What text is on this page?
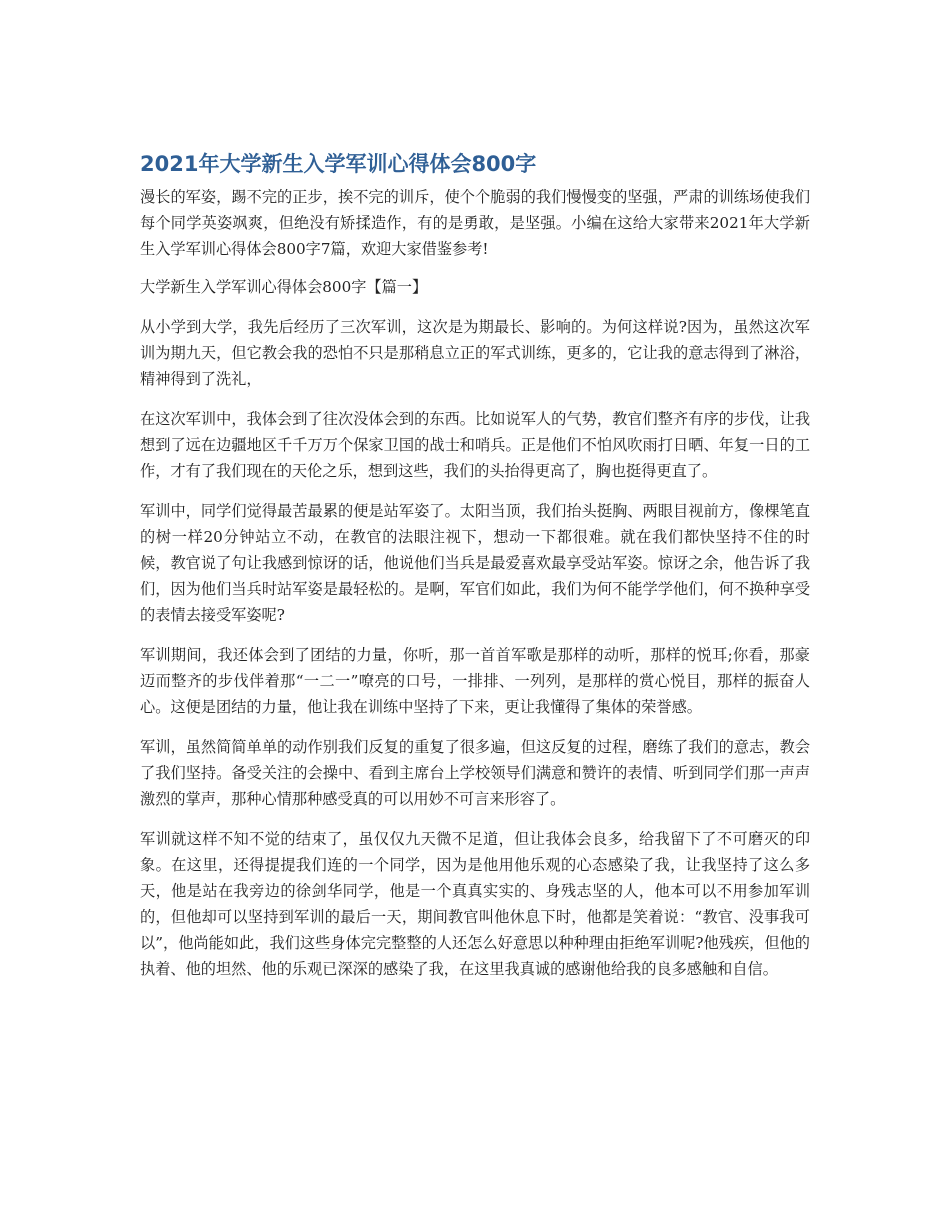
2021年大学新生入学军训心得体会800字

漫长的军姿，踢不完的正步，挨不完的训斥，使个个脆弱的我们慢慢变的坚强，严肃的训练场使我们每个同学英姿飒爽，但绝没有矫揉造作，有的是勇敢，是坚强。小编在这给大家带来2021年大学新生入学军训心得体会800字7篇，欢迎大家借鉴参考!

大学新生入学军训心得体会800字【篇一】

从小学到大学，我先后经历了三次军训，这次是为期最长、影响的。为何这样说?因为，虽然这次军训为期九天，但它教会我的恐怕不只是那稍息立正的军式训练，更多的，它让我的意志得到了淋浴，精神得到了洗礼，

在这次军训中，我体会到了往次没体会到的东西。比如说军人的气势，教官们整齐有序的步伐，让我想到了远在边疆地区千千万万个保家卫国的战士和哨兵。正是他们不怕风吹雨打日晒、年复一日的工作，才有了我们现在的天伦之乐，想到这些，我们的头抬得更高了，胸也挺得更直了。

军训中，同学们觉得最苦最累的便是站军姿了。太阳当顶，我们抬头挺胸、两眼目视前方，像棵笔直的树一样20分钟站立不动，在教官的法眼注视下，想动一下都很难。就在我们都快坚持不住的时候，教官说了句让我感到惊讶的话，他说他们当兵是最爱喜欢最享受站军姿。惊讶之余，他告诉了我们，因为他们当兵时站军姿是最轻松的。是啊，军官们如此，我们为何不能学学他们，何不换种享受的表情去接受军姿呢?

军训期间，我还体会到了团结的力量，你听，那一首首军歌是那样的动听，那样的悦耳;你看，那豪迈而整齐的步伐伴着那“一二一”嘹亮的口号，一排排、一列列，是那样的赏心悦目，那样的振奋人心。这便是团结的力量，他让我在训练中坚持了下来，更让我懂得了集体的荣誉感。

军训，虽然简简单单的动作别我们反复的重复了很多遍，但这反复的过程，磨练了我们的意志，教会了我们坚持。备受关注的会操中、看到主席台上学校领导们满意和赞许的表情、听到同学们那一声声激烈的掌声，那种心情那种感受真的可以用妙不可言来形容了。

军训就这样不知不觉的结束了，虽仅仅九天微不足道，但让我体会良多，给我留下了不可磨灭的印象。在这里，还得提提我们连的一个同学，因为是他用他乐观的心态感染了我，让我坚持了这么多天，他是站在我旁边的徐剑华同学，他是一个真真实实的、身残志坚的人，他本可以不用参加军训的，但他却可以坚持到军训的最后一天，期间教官叫他休息下时，他都是笑着说：“教官、没事我可以”，他尚能如此，我们这些身体完完整整的人还怎么好意思以种种理由拒绝军训呢?他残疾，但他的执着、他的坦然、他的乐观已深深的感染了我，在这里我真诚的感谢他给我的良多感触和自信。
